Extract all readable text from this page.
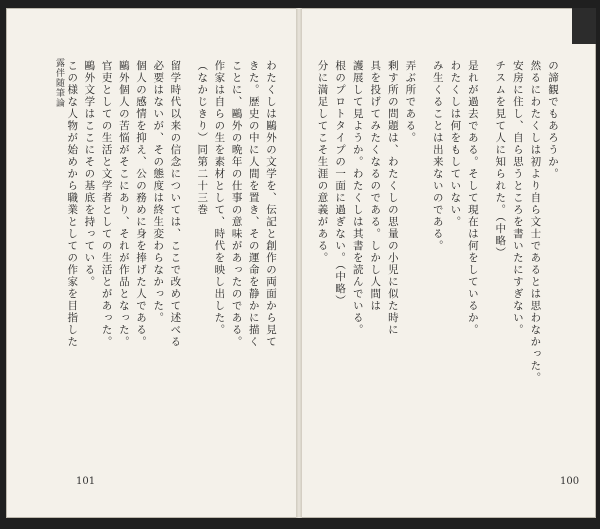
露伴随筆論	わたくしは鷗外の文学を、伝記と創作の両面から見て
きた。歴史の中に人間を置き、その運命を静かに描く
ことに、鷗外の晩年の仕事の意味があったのである。
作家は自らの生を素材として、時代を映し出した。
（なかじきり）同第二十三巻
留学時代以来の信念については、ここで改めて述べる
必要はないが、その態度は終生変わらなかった。
個人の感情を抑え、公の務めに身を捧げた人である。
鷗外個人の苦悩がそこにあり、それが作品となった。
官吏としての生活と文学者としての生活とがあった。
鷗外文学はここにその基底を持っている。
この様な人物が始めから職業としての作家を目指した
101
の諦観でもあろうか。
然るにわたくしは初より自ら文士であるとは思わなかった。
安房に住し、自ら思うところを書いたにすぎない。
チスムを見て人に知られた。（中略）
是れが過去である。そして現在は何をしているか。
わたくしは何をもしていない。
み生くることは出来ないのである。
弄ぶ所である。
剩す所の問題は、わたくしの思量の小児に似た時に
具を投げてみたくなるのである。しかし人間は
護展して見ようか。わたくしは其書を読んでいる。
根のプロトタイプの一面に過ぎない。（中略）
分に満足してこそ生涯の意義がある。
100
